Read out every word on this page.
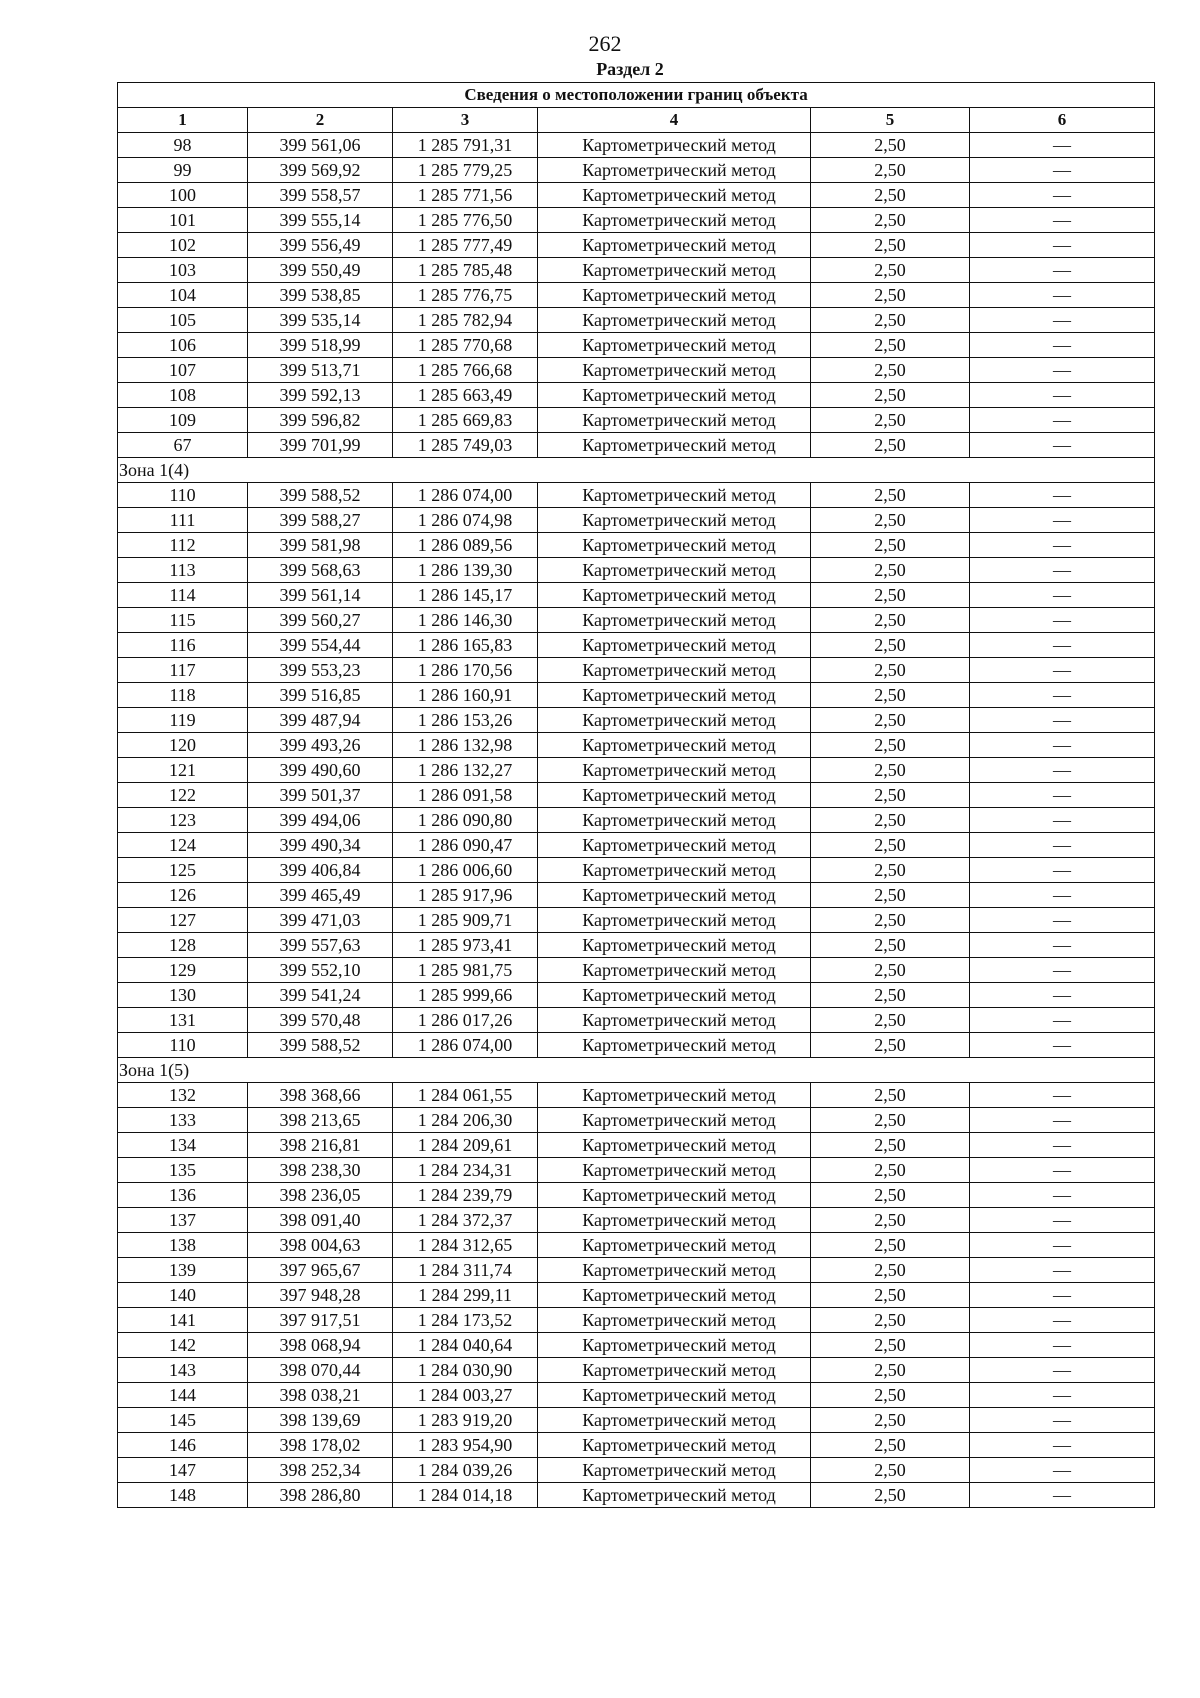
262
Раздел 2
Сведения о местоположении границ объекта					
1	2	3	4	5	6
98	399 561,06	1 285 791,31	Картометрический метод	2,50	—
99	399 569,92	1 285 779,25	Картометрический метод	2,50	—
100	399 558,57	1 285 771,56	Картометрический метод	2,50	—
101	399 555,14	1 285 776,50	Картометрический метод	2,50	—
102	399 556,49	1 285 777,49	Картометрический метод	2,50	—
103	399 550,49	1 285 785,48	Картометрический метод	2,50	—
104	399 538,85	1 285 776,75	Картометрический метод	2,50	—
105	399 535,14	1 285 782,94	Картометрический метод	2,50	—
106	399 518,99	1 285 770,68	Картометрический метод	2,50	—
107	399 513,71	1 285 766,68	Картометрический метод	2,50	—
108	399 592,13	1 285 663,49	Картометрический метод	2,50	—
109	399 596,82	1 285 669,83	Картометрический метод	2,50	—
67	399 701,99	1 285 749,03	Картометрический метод	2,50	—
Зона 1(4)					
110	399 588,52	1 286 074,00	Картометрический метод	2,50	—
111	399 588,27	1 286 074,98	Картометрический метод	2,50	—
112	399 581,98	1 286 089,56	Картометрический метод	2,50	—
113	399 568,63	1 286 139,30	Картометрический метод	2,50	—
114	399 561,14	1 286 145,17	Картометрический метод	2,50	—
115	399 560,27	1 286 146,30	Картометрический метод	2,50	—
116	399 554,44	1 286 165,83	Картометрический метод	2,50	—
117	399 553,23	1 286 170,56	Картометрический метод	2,50	—
118	399 516,85	1 286 160,91	Картометрический метод	2,50	—
119	399 487,94	1 286 153,26	Картометрический метод	2,50	—
120	399 493,26	1 286 132,98	Картометрический метод	2,50	—
121	399 490,60	1 286 132,27	Картометрический метод	2,50	—
122	399 501,37	1 286 091,58	Картометрический метод	2,50	—
123	399 494,06	1 286 090,80	Картометрический метод	2,50	—
124	399 490,34	1 286 090,47	Картометрический метод	2,50	—
125	399 406,84	1 286 006,60	Картометрический метод	2,50	—
126	399 465,49	1 285 917,96	Картометрический метод	2,50	—
127	399 471,03	1 285 909,71	Картометрический метод	2,50	—
128	399 557,63	1 285 973,41	Картометрический метод	2,50	—
129	399 552,10	1 285 981,75	Картометрический метод	2,50	—
130	399 541,24	1 285 999,66	Картометрический метод	2,50	—
131	399 570,48	1 286 017,26	Картометрический метод	2,50	—
110	399 588,52	1 286 074,00	Картометрический метод	2,50	—
Зона 1(5)					
132	398 368,66	1 284 061,55	Картометрический метод	2,50	—
133	398 213,65	1 284 206,30	Картометрический метод	2,50	—
134	398 216,81	1 284 209,61	Картометрический метод	2,50	—
135	398 238,30	1 284 234,31	Картометрический метод	2,50	—
136	398 236,05	1 284 239,79	Картометрический метод	2,50	—
137	398 091,40	1 284 372,37	Картометрический метод	2,50	—
138	398 004,63	1 284 312,65	Картометрический метод	2,50	—
139	397 965,67	1 284 311,74	Картометрический метод	2,50	—
140	397 948,28	1 284 299,11	Картометрический метод	2,50	—
141	397 917,51	1 284 173,52	Картометрический метод	2,50	—
142	398 068,94	1 284 040,64	Картометрический метод	2,50	—
143	398 070,44	1 284 030,90	Картометрический метод	2,50	—
144	398 038,21	1 284 003,27	Картометрический метод	2,50	—
145	398 139,69	1 283 919,20	Картометрический метод	2,50	—
146	398 178,02	1 283 954,90	Картометрический метод	2,50	—
147	398 252,34	1 284 039,26	Картометрический метод	2,50	—
148	398 286,80	1 284 014,18	Картометрический метод	2,50	—
